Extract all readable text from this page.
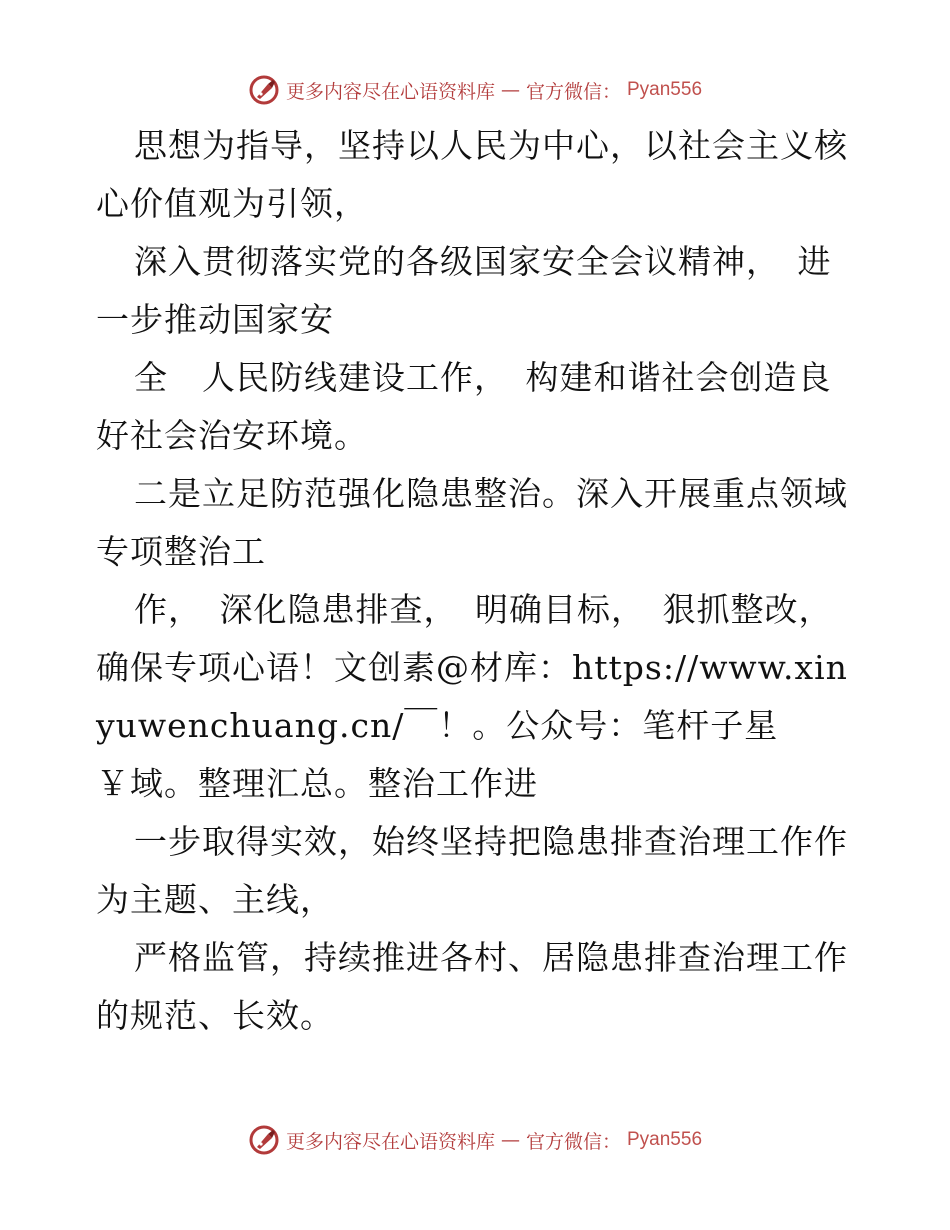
更多内容尽在心语资料库 — 官方微信： Pyan556

思想为指导，坚持以人民为中心，以社会主义核心价值观为引领，

深入贯彻落实党的各级国家安全会议精神，　进一步推动国家安

全　人民防线建设工作，　构建和谐社会创造良好社会治安环境。

二是立足防范强化隐患整治。深入开展重点领域专项整治工

作，　深化隐患排查，　明确目标，　狠抓整改，确保专项心语！文创素@材库：https://www.xinyuwenchuang.cn/￣！。公众号：笔杆子星￥域。整理汇总。整治工作进

一步取得实效，始终坚持把隐患排查治理工作作为主题、主线，

严格监管，持续推进各村、居隐患排查治理工作的规范、长效。

更多内容尽在心语资料库 — 官方微信： Pyan556
